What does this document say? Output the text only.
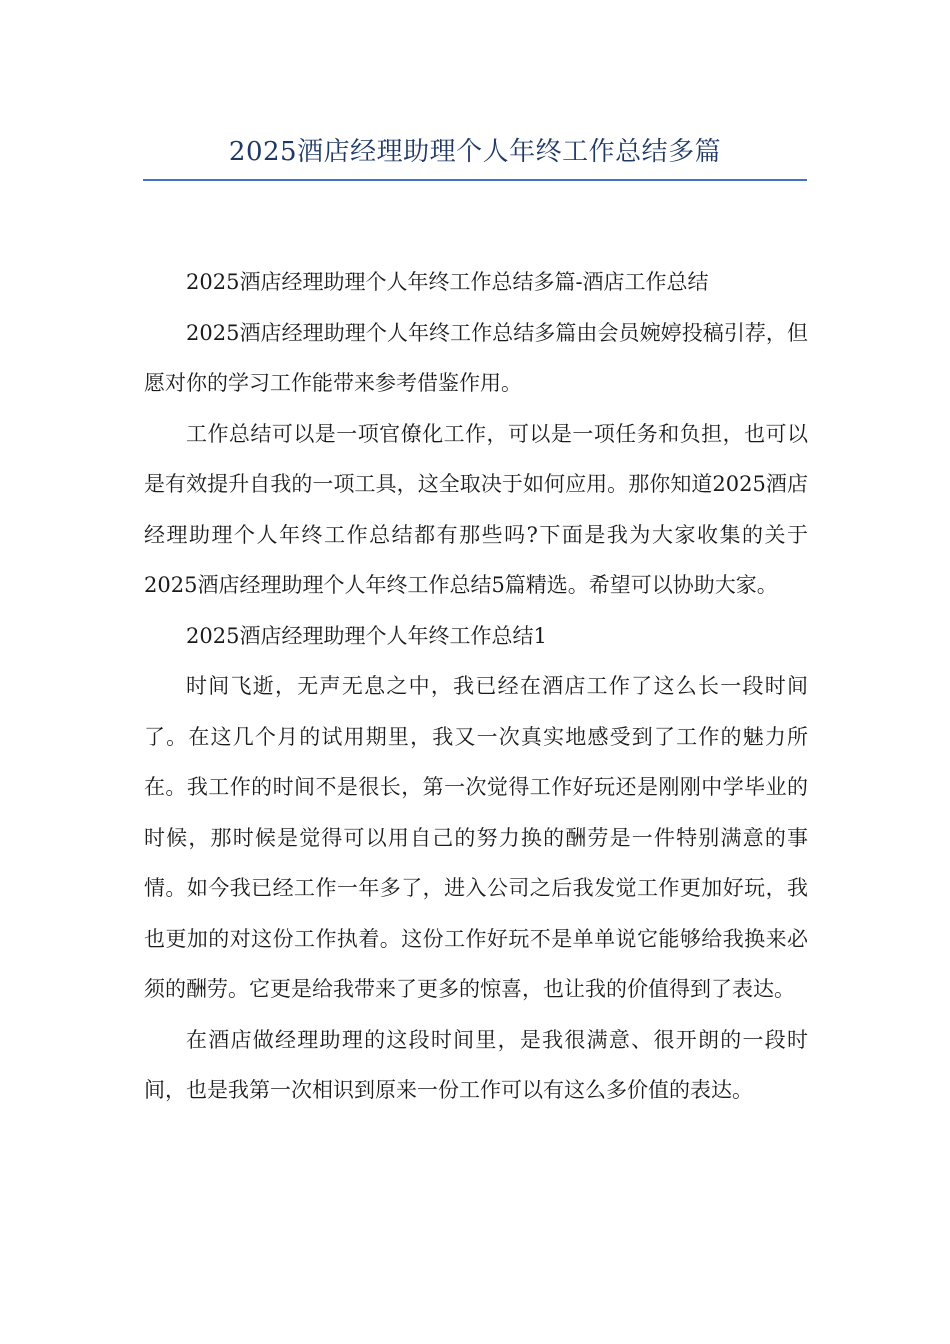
2025酒店经理助理个人年终工作总结多篇

2025酒店经理助理个人年终工作总结多篇-酒店工作总结

2025酒店经理助理个人年终工作总结多篇由会员婉婷投稿引荐，但愿对你的学习工作能带来参考借鉴作用。

工作总结可以是一项官僚化工作，可以是一项任务和负担，也可以是有效提升自我的一项工具，这全取决于如何应用。那你知道2025酒店经理助理个人年终工作总结都有那些吗?下面是我为大家收集的关于2025酒店经理助理个人年终工作总结5篇精选。希望可以协助大家。

2025酒店经理助理个人年终工作总结1

时间飞逝，无声无息之中，我已经在酒店工作了这么长一段时间了。在这几个月的试用期里，我又一次真实地感受到了工作的魅力所在。我工作的时间不是很长，第一次觉得工作好玩还是刚刚中学毕业的时候，那时候是觉得可以用自己的努力换的酬劳是一件特别满意的事情。如今我已经工作一年多了，进入公司之后我发觉工作更加好玩，我也更加的对这份工作执着。这份工作好玩不是单单说它能够给我换来必须的酬劳。它更是给我带来了更多的惊喜，也让我的价值得到了表达。

在酒店做经理助理的这段时间里，是我很满意、很开朗的一段时间，也是我第一次相识到原来一份工作可以有这么多价值的表达。
